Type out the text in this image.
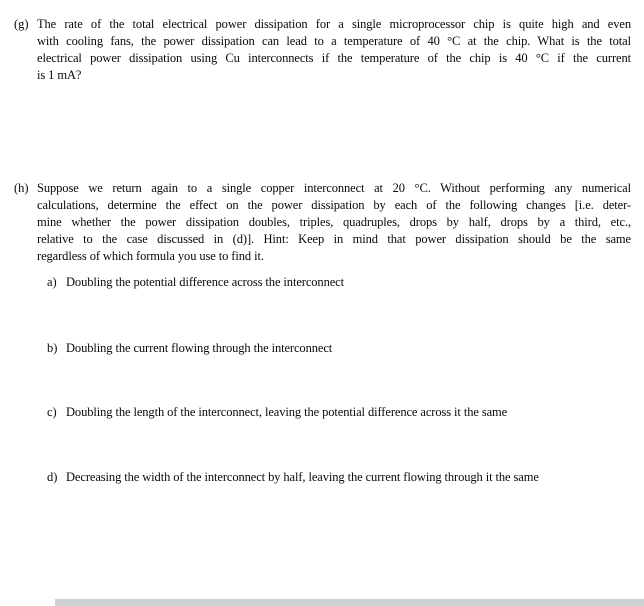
(g) The rate of the total electrical power dissipation for a single microprocessor chip is quite high and even
with cooling fans, the power dissipation can lead to a temperature of 40 °C at the chip. What is the total
electrical power dissipation using Cu interconnects if the temperature of the chip is 40 °C if the current
is 1 mA?
(h) Suppose we return again to a single copper interconnect at 20 °C. Without performing any numerical
calculations, determine the effect on the power dissipation by each of the following changes [i.e. deter-
mine whether the power dissipation doubles, triples, quadruples, drops by half, drops by a third, etc.,
relative to the case discussed in (d)]. Hint: Keep in mind that power dissipation should be the same
regardless of which formula you use to find it.
a) Doubling the potential difference across the interconnect
b) Doubling the current flowing through the interconnect
c) Doubling the length of the interconnect, leaving the potential difference across it the same
d) Decreasing the width of the interconnect by half, leaving the current flowing through it the same
